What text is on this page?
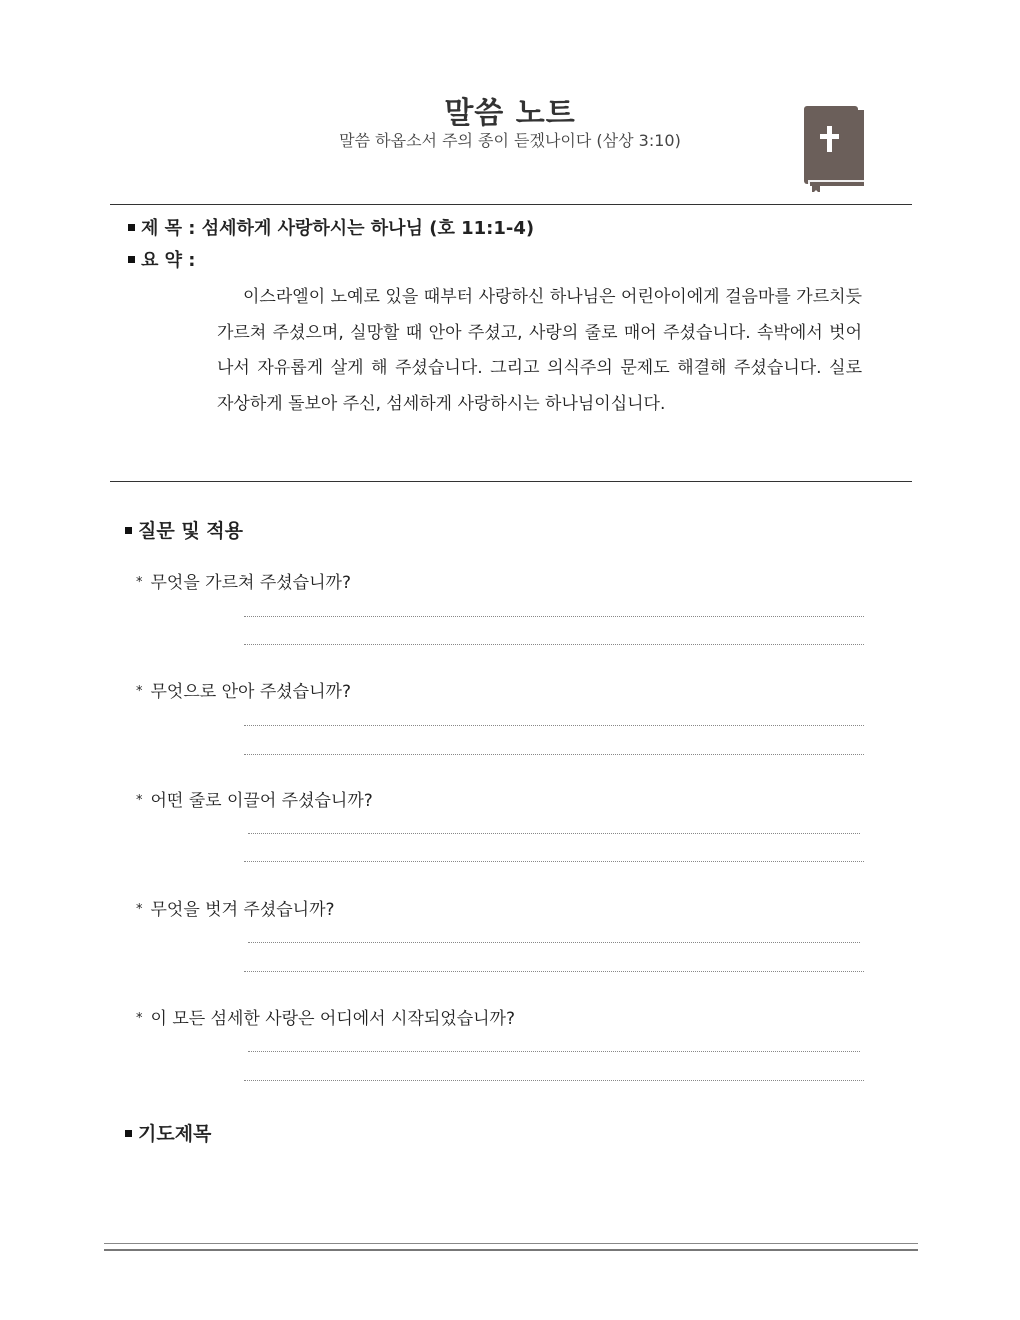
말씀 노트
말씀 하옵소서 주의 종이 듣겠나이다 (삼상 3:10)
제 목 : 섬세하게 사랑하시는 하나님 (호 11:1-4)
요 약 :
이스라엘이 노예로 있을 때부터 사랑하신 하나님은 어린아이에게 걸음마를 가르치듯 가르쳐 주셨으며, 실망할 때 안아 주셨고, 사랑의 줄로 매어 주셨습니다. 속박에서 벗어나서 자유롭게 살게 해 주셨습니다. 그리고 의식주의 문제도 해결해 주셨습니다. 실로 자상하게 돌보아 주신, 섬세하게 사랑하시는 하나님이십니다.
질문 및 적용
* 무엇을 가르쳐 주셨습니까?
* 무엇으로 안아 주셨습니까?
* 어떤 줄로 이끌어 주셨습니까?
* 무엇을 벗겨 주셨습니까?
* 이 모든 섬세한 사랑은 어디에서 시작되었습니까?
기도제목
